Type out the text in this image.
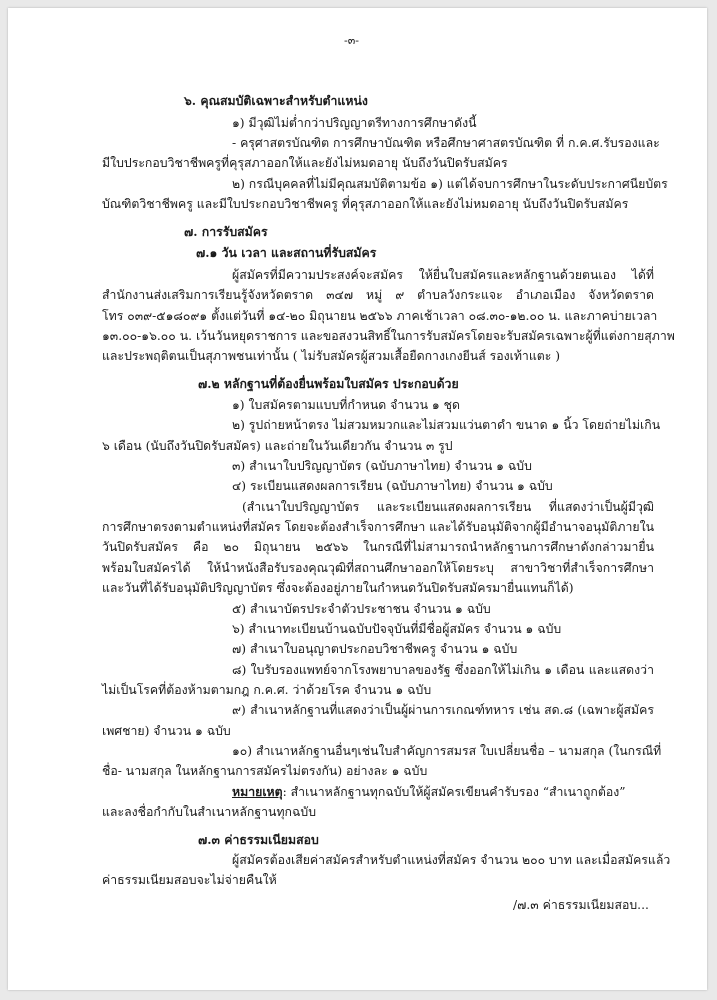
-๓-
๖. คุณสมบัติเฉพาะสำหรับตำแหน่ง
๑) มีวุฒิไม่ต่ำกว่าปริญญาตรีทางการศึกษาดังนี้
- ครุศาสตรบัณฑิต การศึกษาบัณฑิต หรือศึกษาศาสตรบัณฑิต ที่ ก.ค.ศ.รับรองและ
มีใบประกอบวิชาชีพครูที่คุรุสภาออกให้และยังไม่หมดอายุ นับถึงวันปิดรับสมัคร
๒) กรณีบุคคลที่ไม่มีคุณสมบัติตามข้อ ๑) แต่ได้จบการศึกษาในระดับประกาศนียบัตร
บัณฑิตวิชาชีพครู และมีใบประกอบวิชาชีพครู ที่คุรุสภาออกให้และยังไม่หมดอายุ นับถึงวันปิดรับสมัคร
๗. การรับสมัคร
๗.๑ วัน เวลา และสถานที่รับสมัคร
ผู้สมัครที่มีความประสงค์จะสมัคร ให้ยื่นใบสมัครและหลักฐานด้วยตนเอง ได้ที่
สำนักงานส่งเสริมการเรียนรู้จังหวัดตราด ๓๔๗ หมู่ ๙ ตำบลวังกระแจะ อำเภอเมือง จังหวัดตราด
โทร ๐๓๙-๕๑๘๐๙๑ ตั้งแต่วันที่ ๑๔-๒๐ มิถุนายน ๒๕๖๖ ภาคเช้าเวลา ๐๘.๓๐-๑๒.๐๐ น. และภาคบ่ายเวลา
๑๓.๐๐-๑๖.๐๐ น. เว้นวันหยุดราชการ และขอสงวนสิทธิ์ในการรับสมัครโดยจะรับสมัครเฉพาะผู้ที่แต่งกายสุภาพ
และประพฤติตนเป็นสุภาพชนเท่านั้น ( ไม่รับสมัครผู้สวมเสื้อยืดกางเกงยีนส์ รองเท้าแตะ )
๗.๒ หลักฐานที่ต้องยื่นพร้อมใบสมัคร ประกอบด้วย
๑) ใบสมัครตามแบบที่กำหนด จำนวน ๑ ชุด
๒) รูปถ่ายหน้าตรง ไม่สวมหมวกและไม่สวมแว่นตาดำ ขนาด ๑ นิ้ว โดยถ่ายไม่เกิน
๖ เดือน (นับถึงวันปิดรับสมัคร) และถ่ายในวันเดียวกัน จำนวน ๓ รูป
๓) สำเนาใบปริญญาบัตร (ฉบับภาษาไทย) จำนวน ๑ ฉบับ
๔) ระเบียนแสดงผลการเรียน (ฉบับภาษาไทย) จำนวน ๑ ฉบับ
(สำเนาใบปริญญาบัตร และระเบียนแสดงผลการเรียน ที่แสดงว่าเป็นผู้มีวุฒิ
การศึกษาตรงตามตำแหน่งที่สมัคร โดยจะต้องสำเร็จการศึกษา และได้รับอนุมัติจากผู้มีอำนาจอนุมัติภายใน
วันปิดรับสมัคร คือ ๒๐ มิถุนายน ๒๕๖๖ ในกรณีที่ไม่สามารถนำหลักฐานการศึกษาดังกล่าวมายื่น
พร้อมใบสมัครได้ ให้นำหนังสือรับรองคุณวุฒิที่สถานศึกษาออกให้โดยระบุ สาขาวิชาที่สำเร็จการศึกษา
และวันที่ได้รับอนุมัติปริญญาบัตร ซึ่งจะต้องอยู่ภายในกำหนดวันปิดรับสมัครมายื่นแทนก็ได้)
๕) สำเนาบัตรประจำตัวประชาชน จำนวน ๑ ฉบับ
๖) สำเนาทะเบียนบ้านฉบับปัจจุบันที่มีชื่อผู้สมัคร จำนวน ๑ ฉบับ
๗) สำเนาใบอนุญาตประกอบวิชาชีพครู จำนวน ๑ ฉบับ
๘) ใบรับรองแพทย์จากโรงพยาบาลของรัฐ ซึ่งออกให้ไม่เกิน ๑ เดือน และแสดงว่า
ไม่เป็นโรคที่ต้องห้ามตามกฎ ก.ค.ศ. ว่าด้วยโรค จำนวน ๑ ฉบับ
๙) สำเนาหลักฐานที่แสดงว่าเป็นผู้ผ่านการเกณฑ์ทหาร เช่น สด.๘ (เฉพาะผู้สมัคร
เพศชาย) จำนวน ๑ ฉบับ
๑๐) สำเนาหลักฐานอื่นๆเช่นใบสำคัญการสมรส ใบเปลี่ยนชื่อ – นามสกุล (ในกรณีที่
ชื่อ- นามสกุล ในหลักฐานการสมัครไม่ตรงกัน) อย่างละ ๑ ฉบับ
หมายเหตุ: สำเนาหลักฐานทุกฉบับให้ผู้สมัครเขียนคำรับรอง “สำเนาถูกต้อง”
และลงชื่อกำกับในสำเนาหลักฐานทุกฉบับ
๗.๓ ค่าธรรมเนียมสอบ
ผู้สมัครต้องเสียค่าสมัครสำหรับตำแหน่งที่สมัคร จำนวน ๒๐๐ บาท และเมื่อสมัครแล้ว
ค่าธรรมเนียมสอบจะไม่จ่ายคืนให้
/๗.๓ ค่าธรรมเนียมสอบ...
